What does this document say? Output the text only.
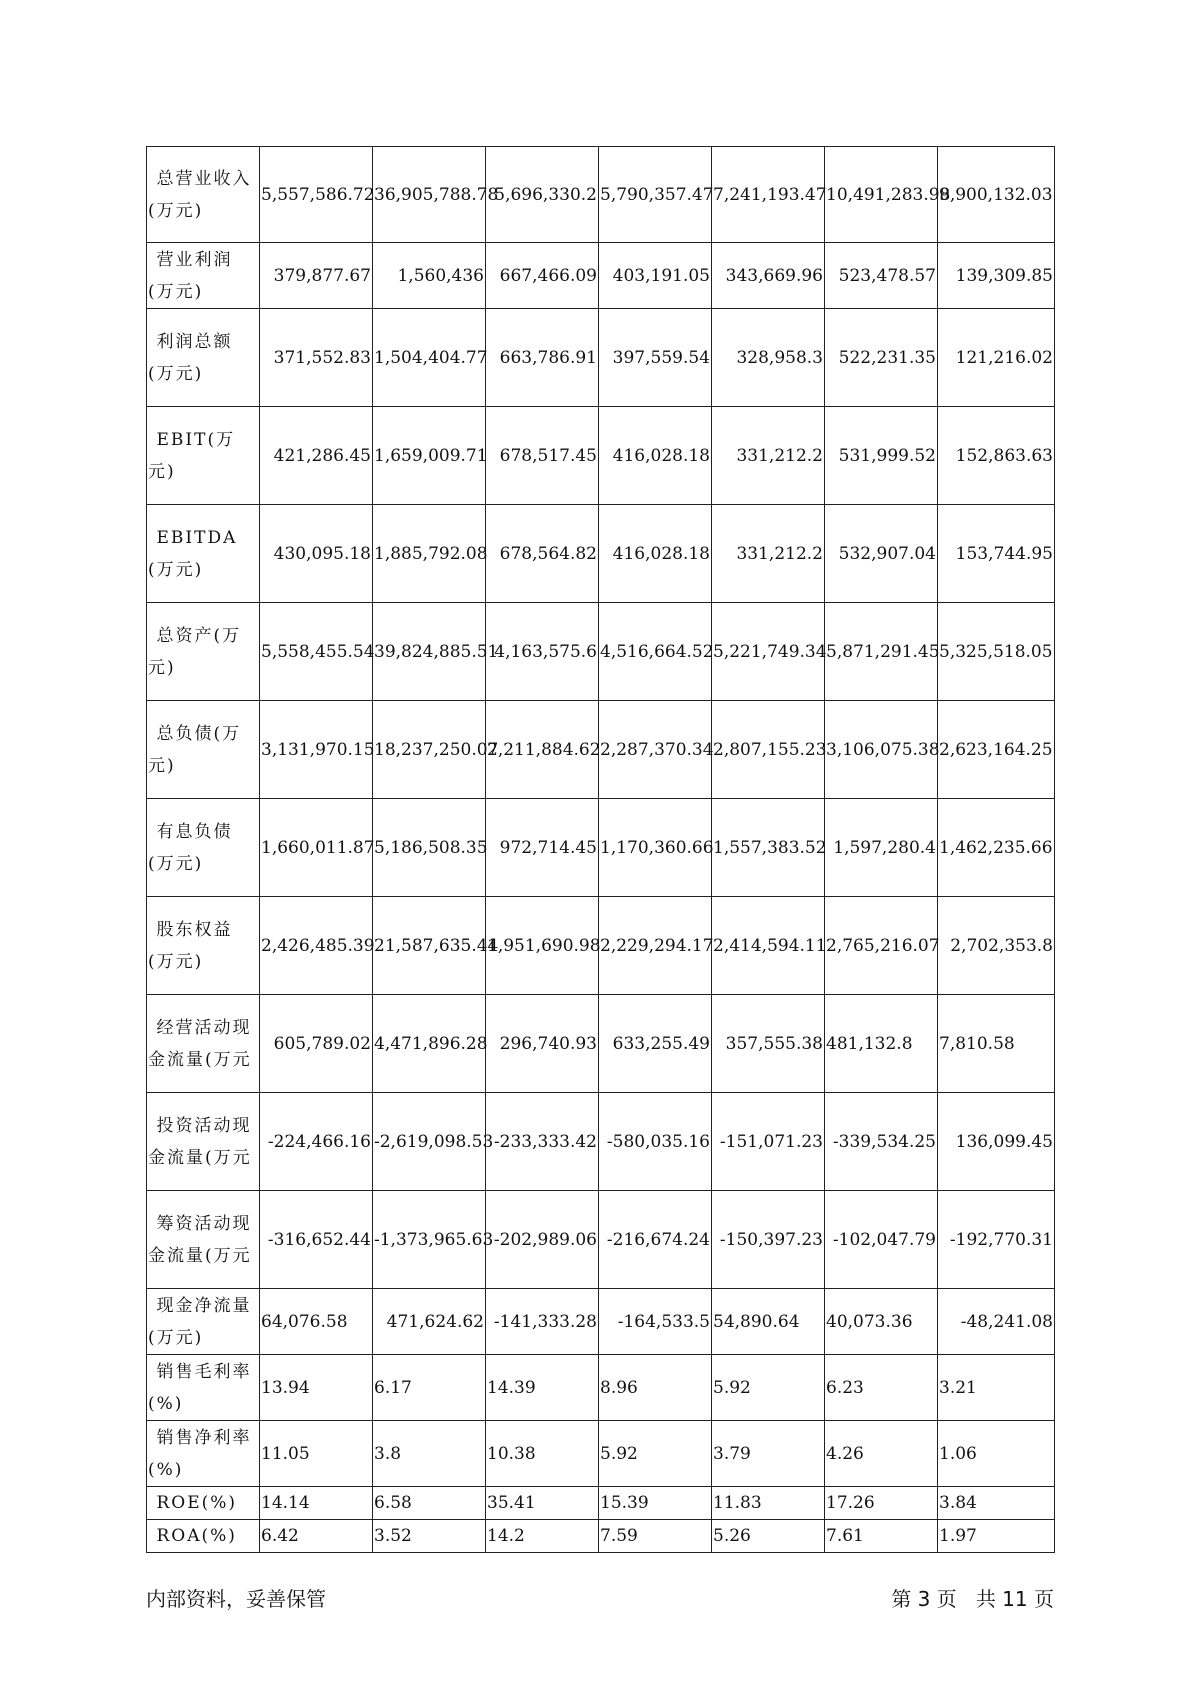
总营业收入(万元)	5,557,586.72	36,905,788.78	5,696,330.2	5,790,357.47	7,241,193.47	10,491,283.98	9,900,132.03

营业利润(万元)	379,877.67	1,560,436	667,466.09	403,191.05	343,669.96	523,478.57	139,309.85

利润总额(万元)	371,552.83	1,504,404.77	663,786.91	397,559.54	328,958.3	522,231.35	121,216.02

EBIT(万元)	421,286.45	1,659,009.71	678,517.45	416,028.18	331,212.2	531,999.52	152,863.63

EBITDA(万元)	430,095.18	1,885,792.08	678,564.82	416,028.18	331,212.2	532,907.04	153,744.95

总资产(万元)	5,558,455.54	39,824,885.51	4,163,575.6	4,516,664.52	5,221,749.34	5,871,291.45	5,325,518.05

总负债(万元)	3,131,970.15	18,237,250.07	2,211,884.62	2,287,370.34	2,807,155.23	3,106,075.38	2,623,164.25

有息负债(万元)	1,660,011.87	5,186,508.35	972,714.45	1,170,360.66	1,557,383.52	1,597,280.4	1,462,235.66

股东权益(万元)	2,426,485.39	21,587,635.44	1,951,690.98	2,229,294.17	2,414,594.11	2,765,216.07	2,702,353.8

经营活动现金流量(万元	605,789.02	4,471,896.28	296,740.93	633,255.49	357,555.38	481,132.8	7,810.58

投资活动现金流量(万元	-224,466.16	-2,619,098.53	-233,333.42	-580,035.16	-151,071.23	-339,534.25	136,099.45

筹资活动现金流量(万元	-316,652.44	-1,373,965.63	-202,989.06	-216,674.24	-150,397.23	-102,047.79	-192,770.31

现金净流量(万元)	64,076.58	471,624.62	-141,333.28	-164,533.5	54,890.64	40,073.36	-48,241.08

销售毛利率(%)	13.94	6.17	14.39	8.96	5.92	6.23	3.21

销售净利率(%)	11.05	3.8	10.38	5.92	3.79	4.26	1.06

ROE(%)	14.14	6.58	35.41	15.39	11.83	17.26	3.84

ROA(%)	6.42	3.52	14.2	7.59	5.26	7.61	1.97
内部资料，妥善保管	第 3 页   共 11 页
